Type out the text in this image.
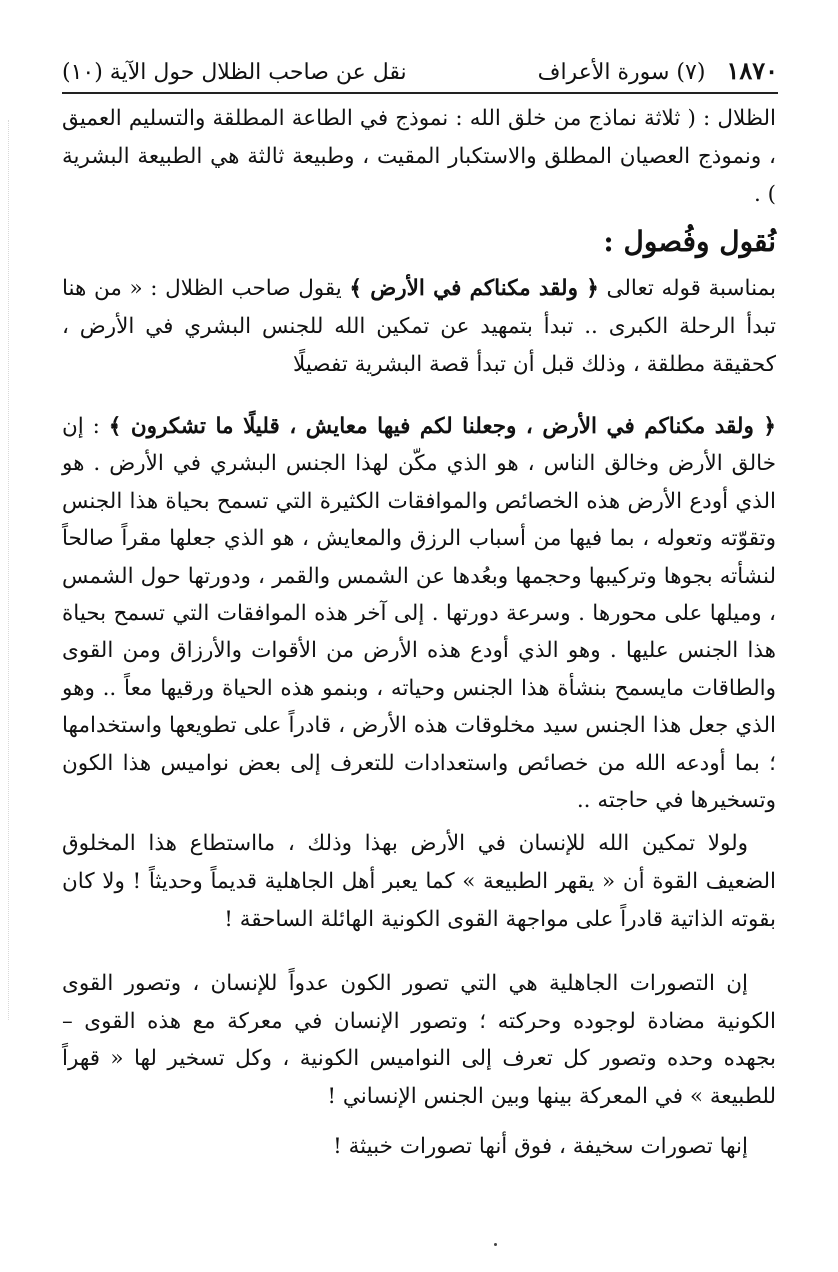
١٨٧٠ (٧) سورة الأعراف
نقل عن صاحب الظلال حول الآية (١٠)

الظلال : ( ثلاثة نماذج من خلق الله : نموذج في الطاعة المطلقة والتسليم العميق ، ونموذج العصيان المطلق والاستكبار المقيت ، وطبيعة ثالثة هي الطبيعة البشرية ) .

نُقول وفُصول :

بمناسبة قوله تعالى ﴿ ولقد مكناكم في الأرض ﴾ يقول صاحب الظلال : « من هنا تبدأ الرحلة الكبرى .. تبدأ بتمهيد عن تمكين الله للجنس البشري في الأرض ، كحقيقة مطلقة ، وذلك قبل أن تبدأ قصة البشرية تفصيلًا

﴿ ولقد مكناكم في الأرض ، وجعلنا لكم فيها معايش ، قليلًا ما تشكرون ﴾ : إن خالق الأرض وخالق الناس ، هو الذي مكّن لهذا الجنس البشري في الأرض . هو الذي أودع الأرض هذه الخصائص والموافقات الكثيرة التي تسمح بحياة هذا الجنس وتقوّته وتعوله ، بما فيها من أسباب الرزق والمعايش ، هو الذي جعلها مقراً صالحاً لنشأته بجوها وتركيبها وحجمها وبعُدها عن الشمس والقمر ، ودورتها حول الشمس ، وميلها على محورها . وسرعة دورتها . إلى آخر هذه الموافقات التي تسمح بحياة هذا الجنس عليها . وهو الذي أودع هذه الأرض من الأقوات والأرزاق ومن القوى والطاقات مايسمح بنشأة هذا الجنس وحياته ، وبنمو هذه الحياة ورقيها معاً .. وهو الذي جعل هذا الجنس سيد مخلوقات هذه الأرض ، قادراً على تطويعها واستخدامها ؛ بما أودعه الله من خصائص واستعدادات للتعرف إلى بعض نواميس هذا الكون وتسخيرها في حاجته ..

ولولا تمكين الله للإنسان في الأرض بهذا وذلك ، مااستطاع هذا المخلوق الضعيف القوة أن « يقهر الطبيعة » كما يعبر أهل الجاهلية قديماً وحديثاً ! ولا كان بقوته الذاتية قادراً على مواجهة القوى الكونية الهائلة الساحقة !

إن التصورات الجاهلية هي التي تصور الكون عدواً للإنسان ، وتصور القوى الكونية مضادة لوجوده وحركته ؛ وتصور الإنسان في معركة مع هذه القوى – بجهده وحده وتصور كل تعرف إلى النواميس الكونية ، وكل تسخير لها « قهراً للطبيعة » في المعركة بينها وبين الجنس الإنساني !

إنها تصورات سخيفة ، فوق أنها تصورات خبيثة !
